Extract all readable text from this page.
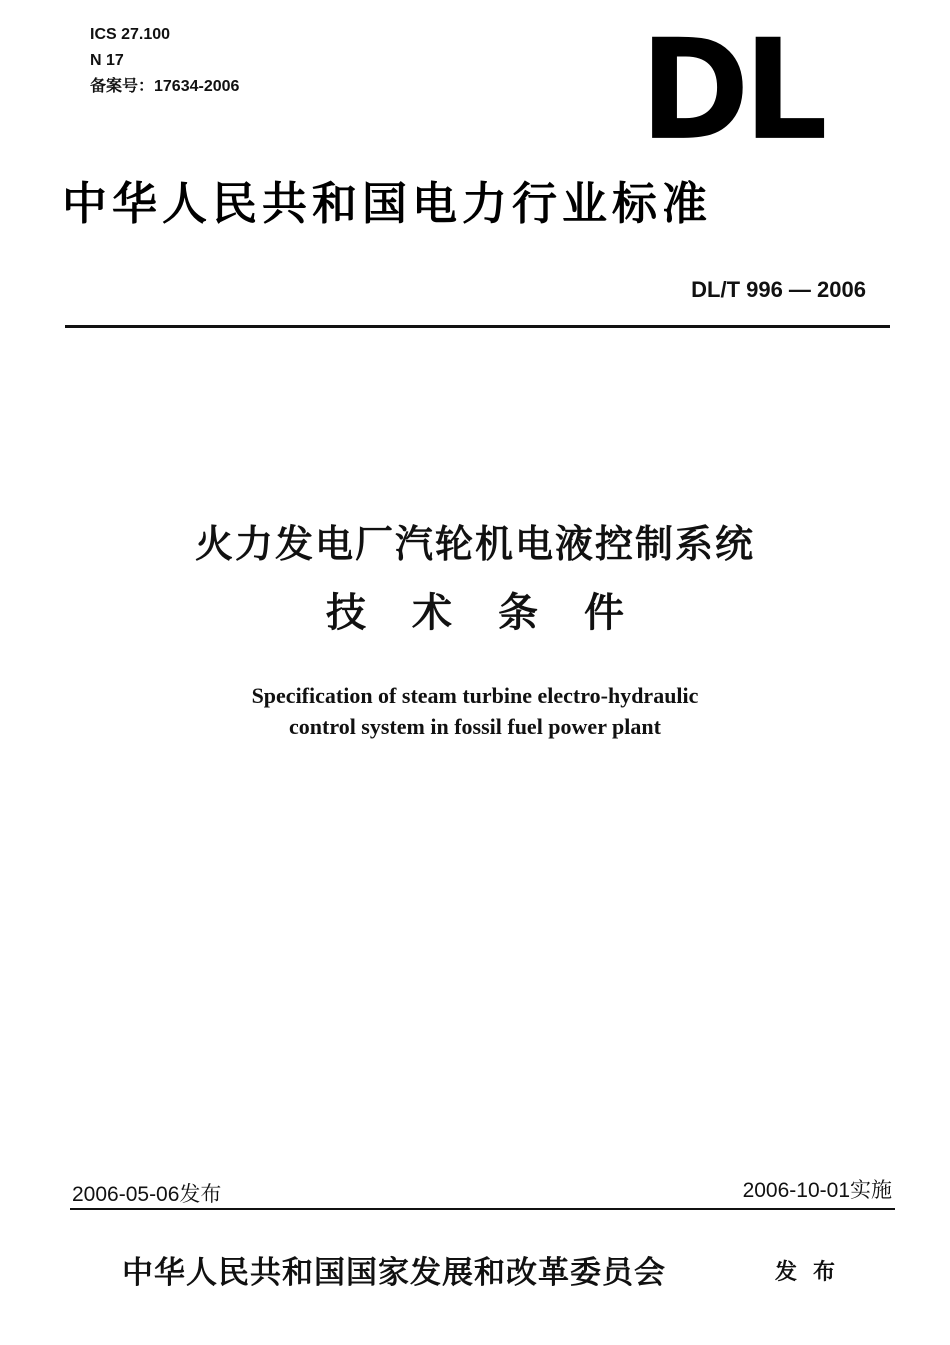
ICS 27.100
N 17
备案号：17634-2006	DL
中华人民共和国电力行业标准
DL/T 996 — 2006
火力发电厂汽轮机电液控制系统
技术条件
Specification of steam turbine electro-hydraulic
control system in fossil fuel power plant
2006-05-06发布	2006-10-01实施
中华人民共和国国家发展和改革委员会	发布
